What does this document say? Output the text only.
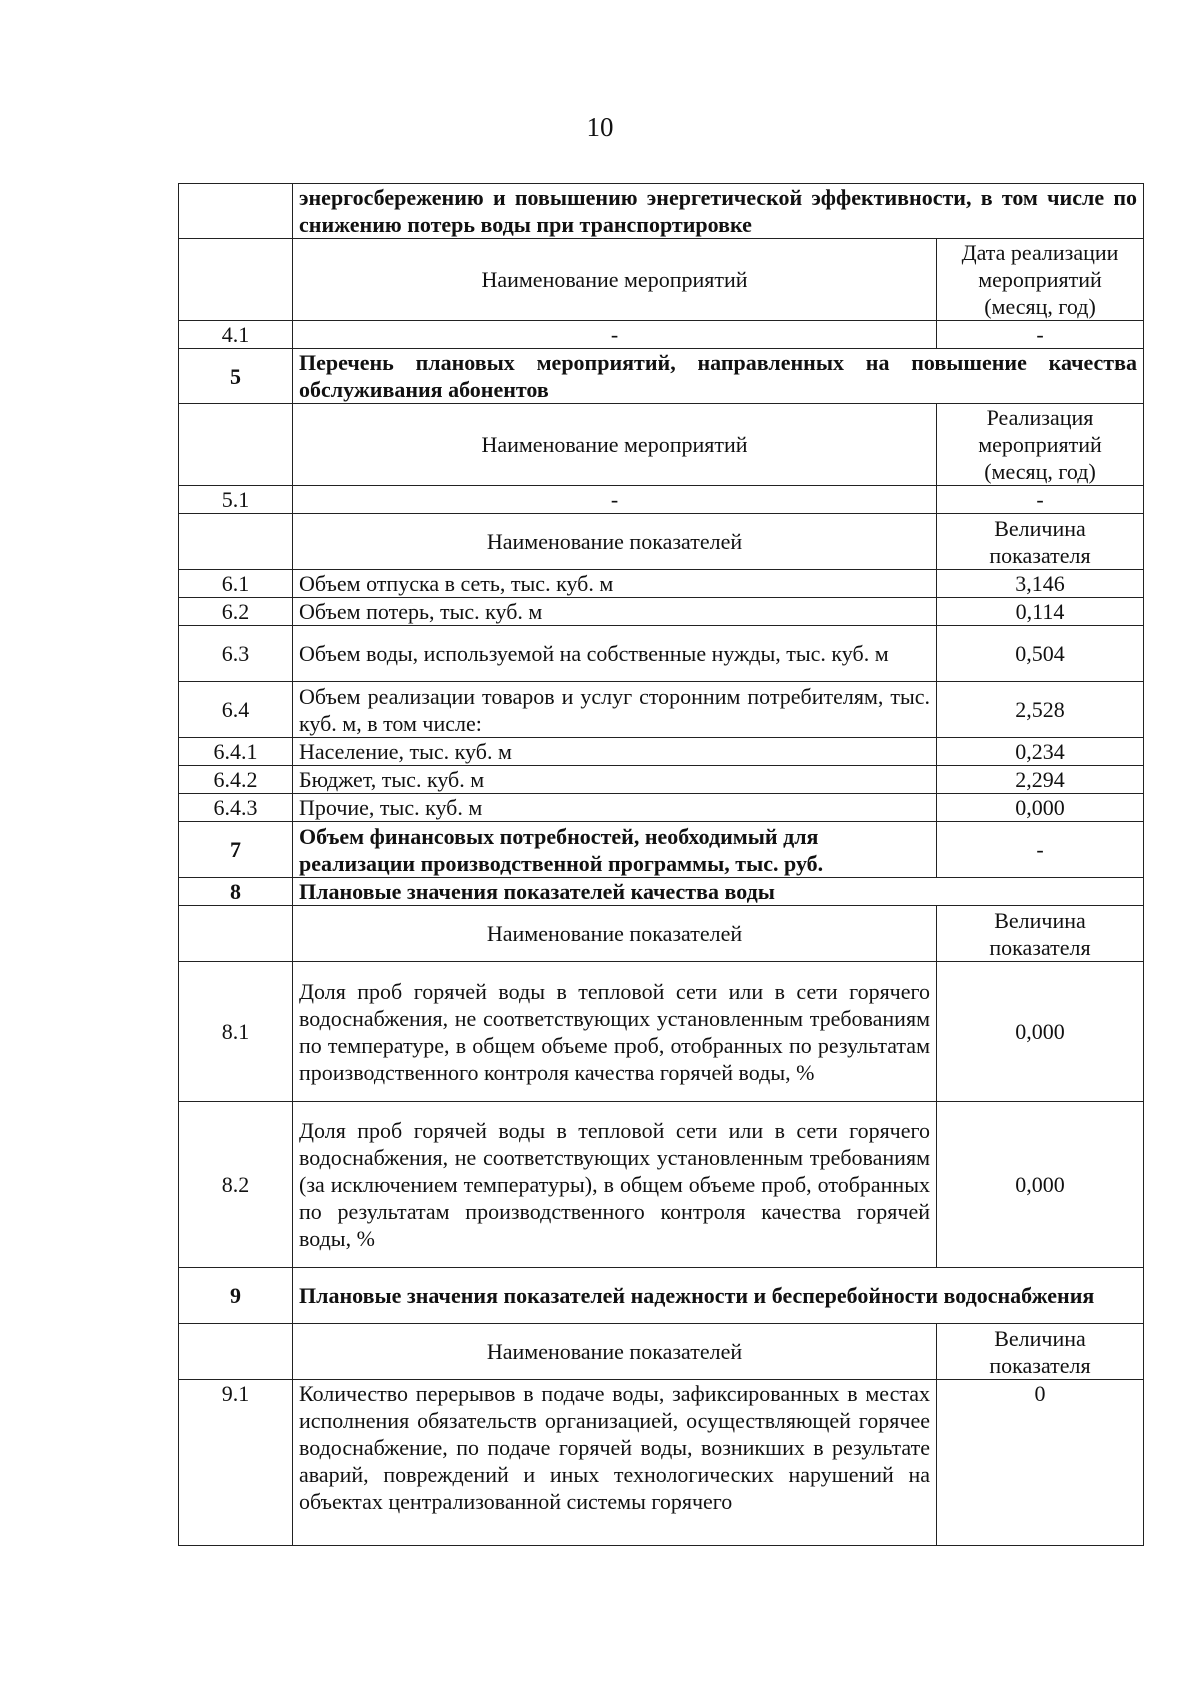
10
	энергосбережению и повышению энергетической эффективности, в том числе по снижению потерь воды при транспортировке	
	Наименование мероприятий	Дата реализации мероприятий (месяц, год)
4.1	-	-
5	Перечень плановых мероприятий, направленных на повышение качества обслуживания абонентов	
	Наименование мероприятий	Реализация мероприятий (месяц, год)
5.1	-	-
	Наименование показателей	Величина показателя
6.1	Объем отпуска в сеть, тыс. куб. м	3,146
6.2	Объем потерь, тыс. куб. м	0,114
6.3	Объем воды, используемой на собственные нужды, тыс. куб. м	0,504
6.4	Объем реализации товаров и услуг сторонним потребителям, тыс. куб. м, в том числе:	2,528
6.4.1	Население, тыс. куб. м	0,234
6.4.2	Бюджет, тыс. куб. м	2,294
6.4.3	Прочие, тыс. куб. м	0,000
7	Объем финансовых потребностей, необходимый для реализации производственной программы, тыс. руб.	-
8	Плановые значения показателей качества воды	
	Наименование показателей	Величина показателя
8.1	Доля проб горячей воды в тепловой сети или в сети горячего водоснабжения, не соответствующих установленным требованиям по температуре, в общем объеме проб, отобранных по результатам производственного контроля качества горячей воды, %	0,000
8.2	Доля проб горячей воды в тепловой сети или в сети горячего водоснабжения, не соответствующих установленным требованиям (за исключением температуры), в общем объеме проб, отобранных по результатам производственного контроля качества горячей воды, %	0,000
9	Плановые значения показателей надежности и бесперебойности водоснабжения	
	Наименование показателей	Величина показателя
9.1	Количество перерывов в подаче воды, зафиксированных в местах исполнения обязательств организацией, осуществляющей горячее водоснабжение, по подаче горячей воды, возникших в результате аварий, повреждений и иных технологических нарушений на объектах централизованной системы горячего	0
